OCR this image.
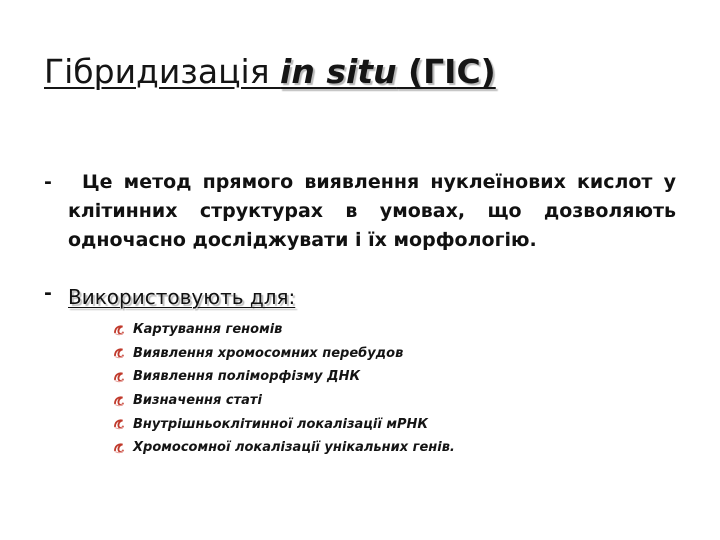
Гібридизація in situ (ГІС)
-	Це метод прямого виявлення нуклеїнових кислот у клітинних структурах в умовах, що дозволяють одночасно досліджувати і їх морфологію.
- Використовують для:
Картування геномів
Виявлення хромосомних перебудов
Виявлення поліморфізму ДНК
Визначення статі
Внутрішньоклітинної локалізації мРНК
Хромосомної локалізації унікальних генів.
